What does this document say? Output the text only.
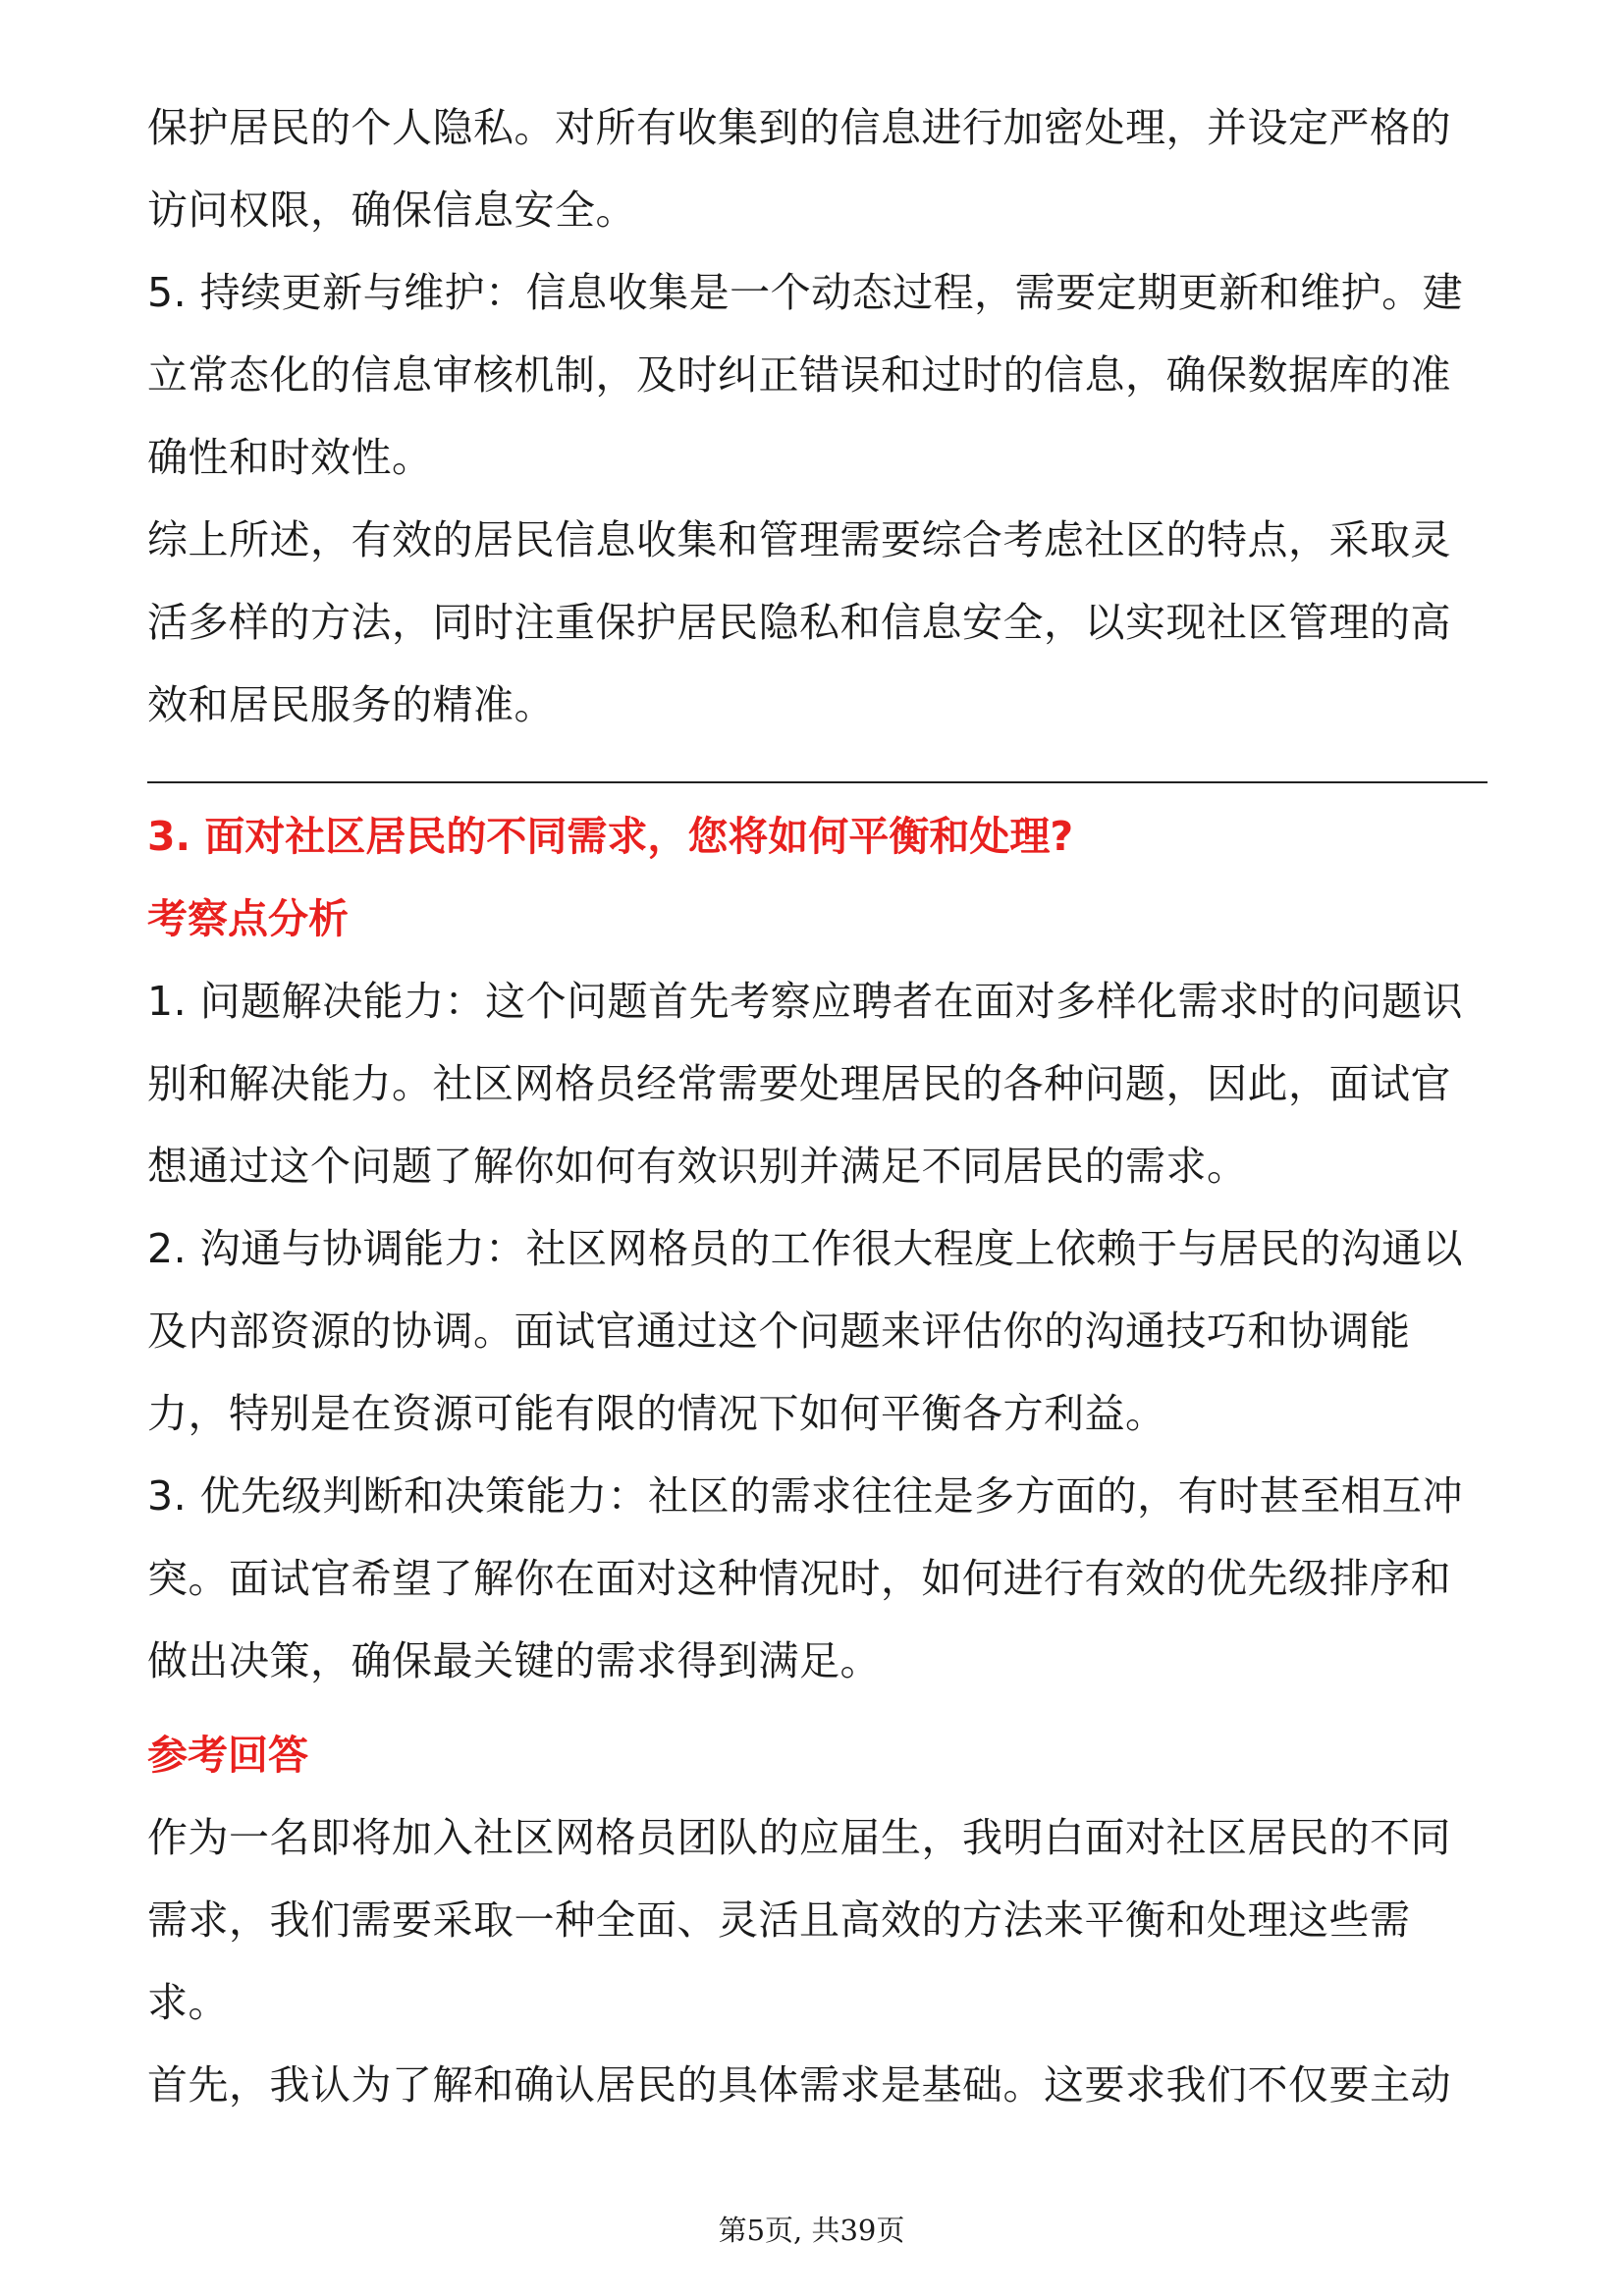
保护居民的个人隐私。对所有收集到的信息进行加密处理，并设定严格的
访问权限，确保信息安全。
5. 持续更新与维护：信息收集是一个动态过程，需要定期更新和维护。建
立常态化的信息审核机制，及时纠正错误和过时的信息，确保数据库的准
确性和时效性。
综上所述，有效的居民信息收集和管理需要综合考虑社区的特点，采取灵
活多样的方法，同时注重保护居民隐私和信息安全，以实现社区管理的高
效和居民服务的精准。
3. 面对社区居民的不同需求，您将如何平衡和处理?
考察点分析
1. 问题解决能力：这个问题首先考察应聘者在面对多样化需求时的问题识
别和解决能力。社区网格员经常需要处理居民的各种问题，因此，面试官
想通过这个问题了解你如何有效识别并满足不同居民的需求。
2. 沟通与协调能力：社区网格员的工作很大程度上依赖于与居民的沟通以
及内部资源的协调。面试官通过这个问题来评估你的沟通技巧和协调能
力，特别是在资源可能有限的情况下如何平衡各方利益。
3. 优先级判断和决策能力：社区的需求往往是多方面的，有时甚至相互冲
突。面试官希望了解你在面对这种情况时，如何进行有效的优先级排序和
做出决策，确保最关键的需求得到满足。
参考回答
作为一名即将加入社区网格员团队的应届生，我明白面对社区居民的不同
需求，我们需要采取一种全面、灵活且高效的方法来平衡和处理这些需
求。
首先，我认为了解和确认居民的具体需求是基础。这要求我们不仅要主动
第5页, 共39页
